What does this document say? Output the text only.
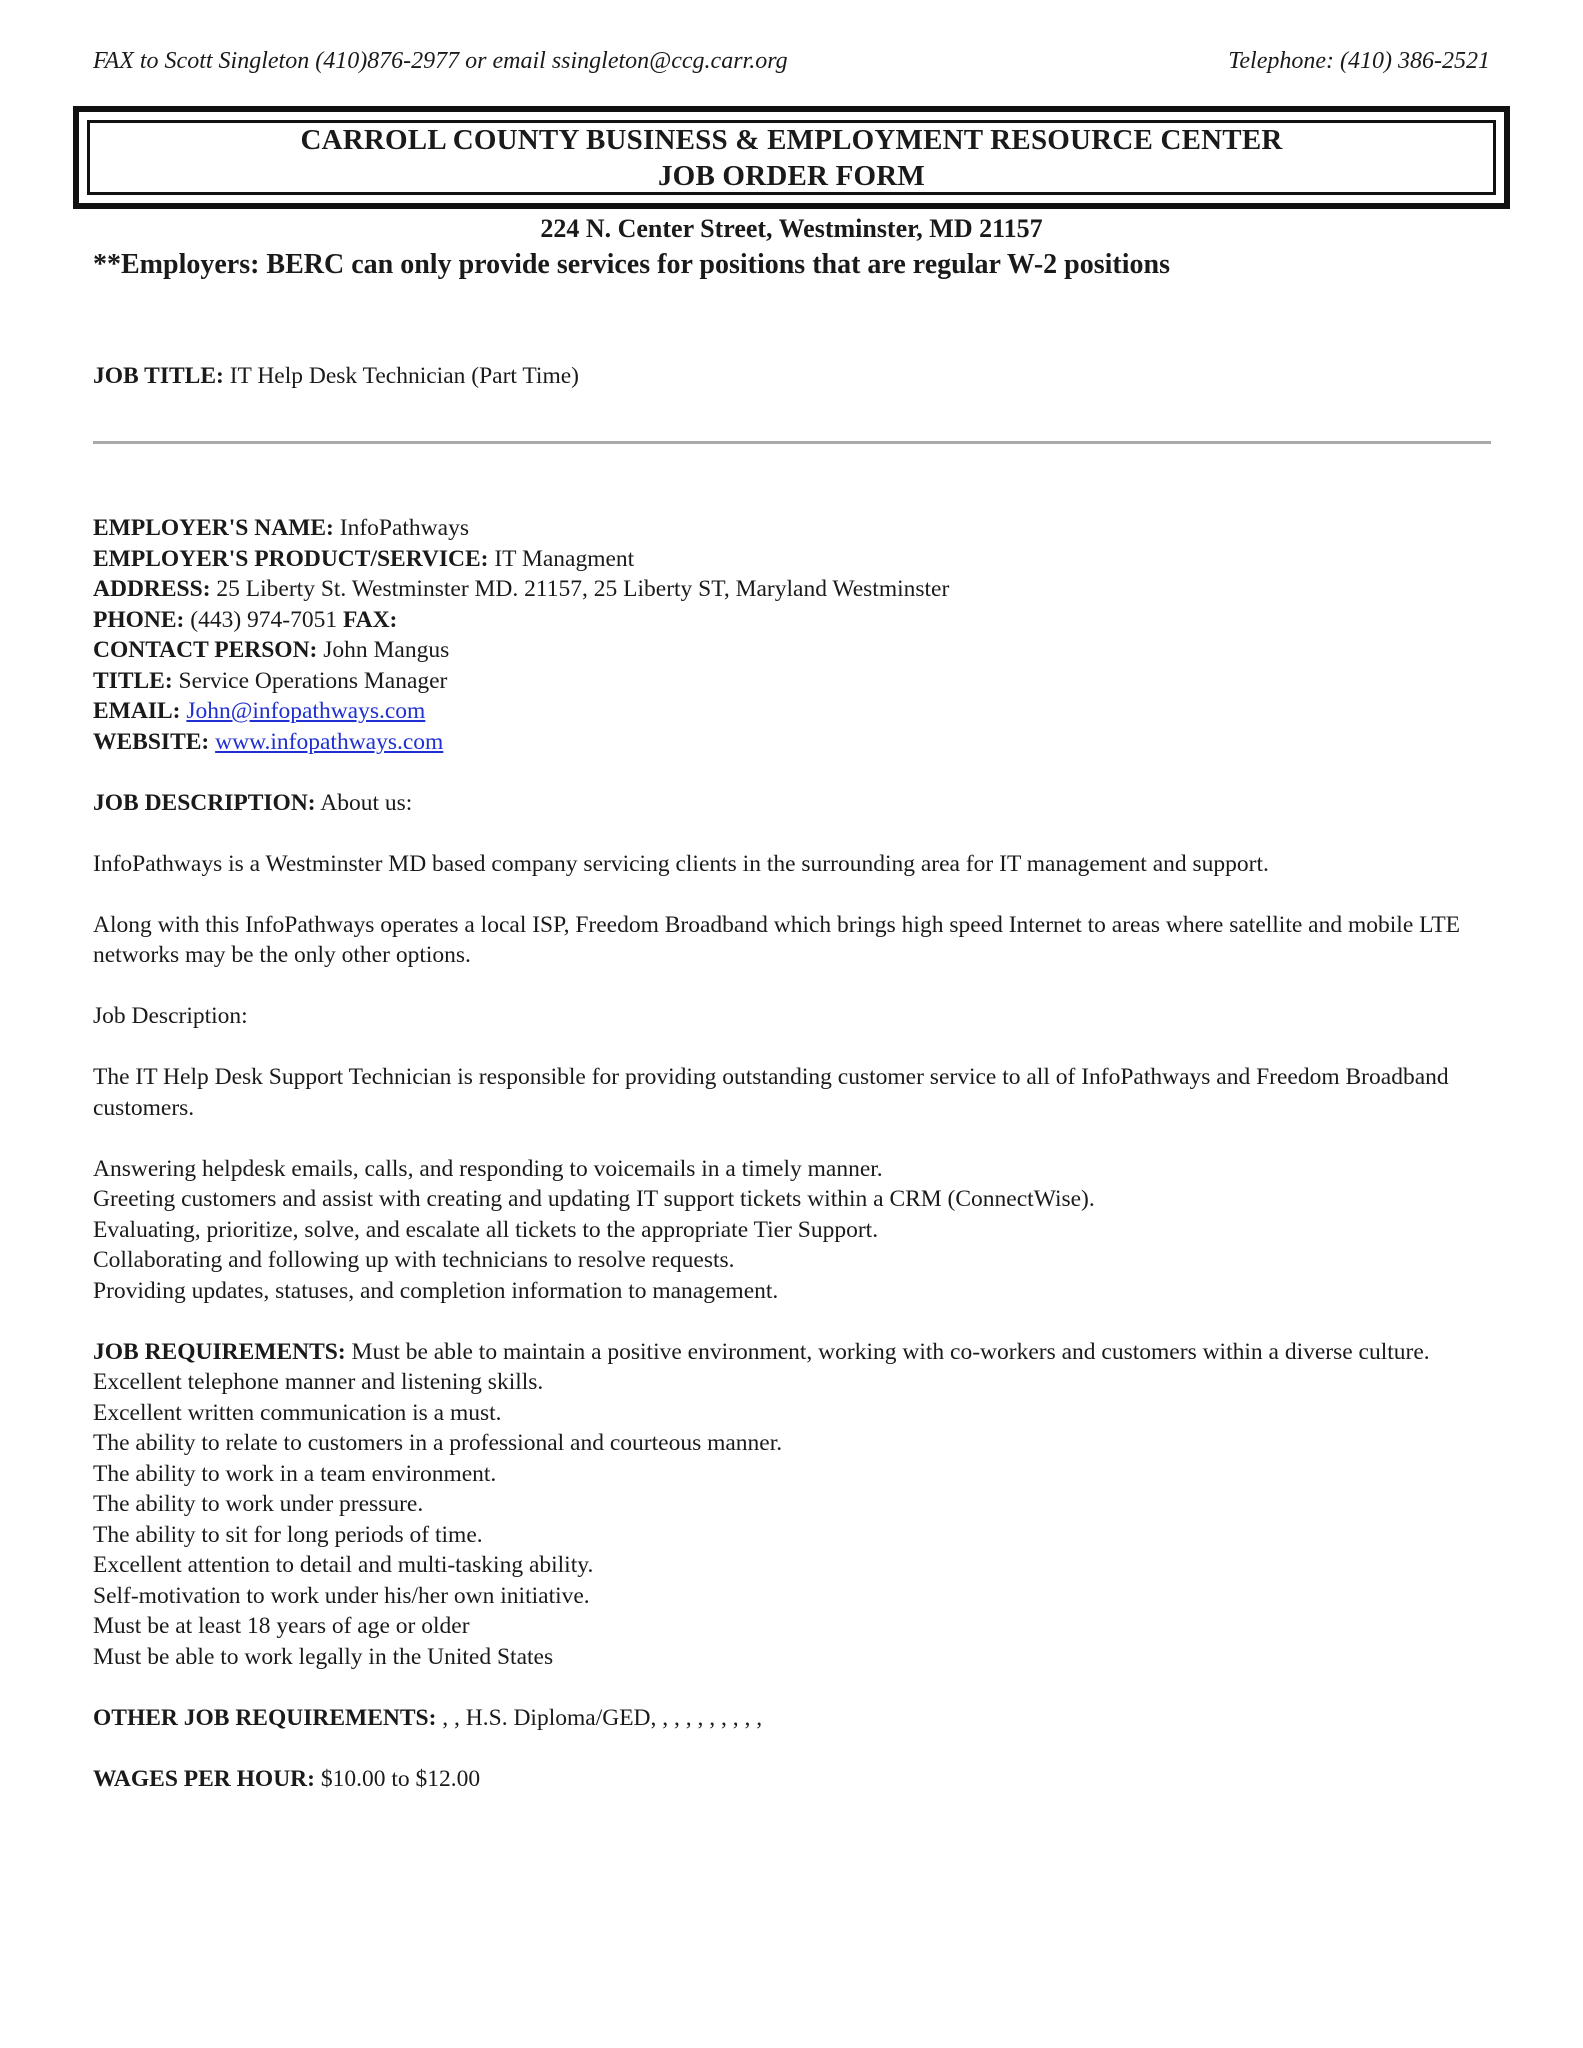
FAX to Scott Singleton (410)876-2977 or email ssingleton@ccg.carr.org	Telephone: (410) 386-2521
CARROLL COUNTY BUSINESS & EMPLOYMENT RESOURCE CENTER
JOB ORDER FORM
224 N. Center Street, Westminster, MD 21157
**Employers: BERC can only provide services for positions that are regular W-2 positions
JOB TITLE: IT Help Desk Technician (Part Time)
EMPLOYER'S NAME: InfoPathways
EMPLOYER'S PRODUCT/SERVICE: IT Managment
ADDRESS: 25 Liberty St. Westminster MD. 21157, 25 Liberty ST, Maryland Westminster
PHONE: (443) 974-7051 FAX:
CONTACT PERSON: John Mangus
TITLE: Service Operations Manager
EMAIL: John@infopathways.com
WEBSITE: www.infopathways.com
JOB DESCRIPTION: About us:
InfoPathways is a Westminster MD based company servicing clients in the surrounding area for IT management and support.
Along with this InfoPathways operates a local ISP, Freedom Broadband which brings high speed Internet to areas where satellite and mobile LTE networks may be the only other options.
Job Description:
The IT Help Desk Support Technician is responsible for providing outstanding customer service to all of InfoPathways and Freedom Broadband customers.
Answering helpdesk emails, calls, and responding to voicemails in a timely manner.
Greeting customers and assist with creating and updating IT support tickets within a CRM (ConnectWise).
Evaluating, prioritize, solve, and escalate all tickets to the appropriate Tier Support.
Collaborating and following up with technicians to resolve requests.
Providing updates, statuses, and completion information to management.
JOB REQUIREMENTS: Must be able to maintain a positive environment, working with co-workers and customers within a diverse culture.
Excellent telephone manner and listening skills.
Excellent written communication is a must.
The ability to relate to customers in a professional and courteous manner.
The ability to work in a team environment.
The ability to work under pressure.
The ability to sit for long periods of time.
Excellent attention to detail and multi-tasking ability.
Self-motivation to work under his/her own initiative.
Must be at least 18 years of age or older
Must be able to work legally in the United States
OTHER JOB REQUIREMENTS: , , H.S. Diploma/GED, , , , , , , , , ,
WAGES PER HOUR: $10.00 to $12.00
